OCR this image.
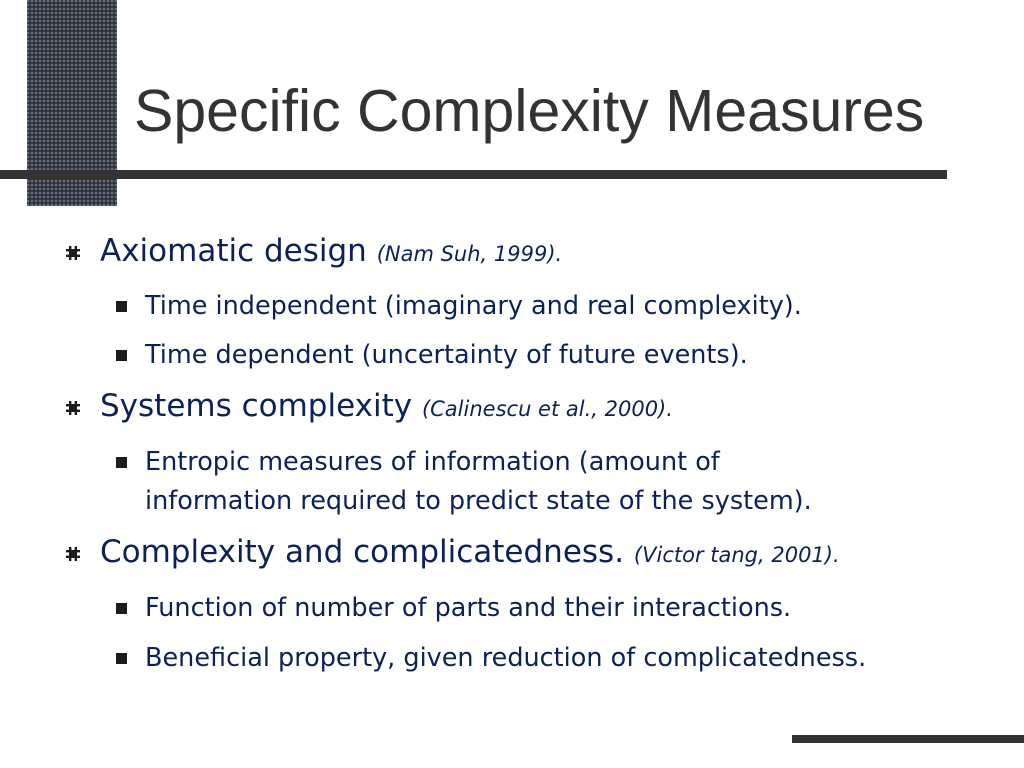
Specific Complexity Measures
Axiomatic design (Nam Suh, 1999).
Time independent (imaginary and real complexity).
Time dependent (uncertainty of future events).
Systems complexity (Calinescu et al., 2000).
Entropic measures of information (amount of information required to predict state of the system).
Complexity and complicatedness. (Victor tang, 2001).
Function of number of parts and their interactions.
Beneficial property, given reduction of complicatedness.
